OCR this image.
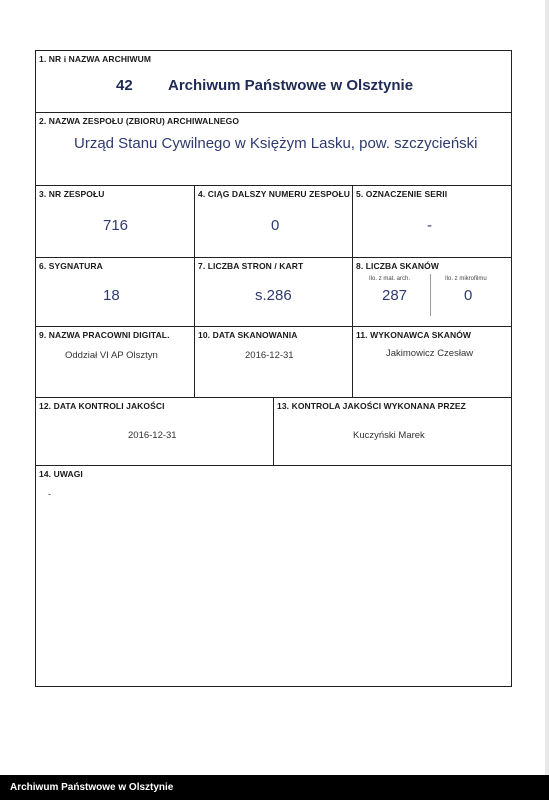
1. NR i NAZWA ARCHIWUM
42 Archiwum Państwowe w Olsztynie
2. NAZWA ZESPOŁU (ZBIORU) ARCHIWALNEGO
Urząd Stanu Cywilnego w Księżym Lasku, pow. szczycieński
3. NR ZESPOŁU
716
4. CIĄG DALSZY NUMERU ZESPOŁU
0
5. OZNACZENIE SERII
-
6. SYGNATURA
18
7. LICZBA STRON / KART
s.286
8. LICZBA SKANÓW
Ilo. z mat. arch.	Ilo. z mikrofilmu
287	0
9. NAZWA PRACOWNI DIGITAL.
Oddział VI AP Olsztyn
10. DATA SKANOWANIA
2016-12-31
11. WYKONAWCA SKANÓW
Jakimowicz Czesław
12. DATA KONTROLI JAKOŚCI
2016-12-31
13. KONTROLA JAKOŚCI WYKONANA PRZEZ
Kuczyński Marek
14. UWAGI
-
Archiwum Państwowe w Olsztynie
